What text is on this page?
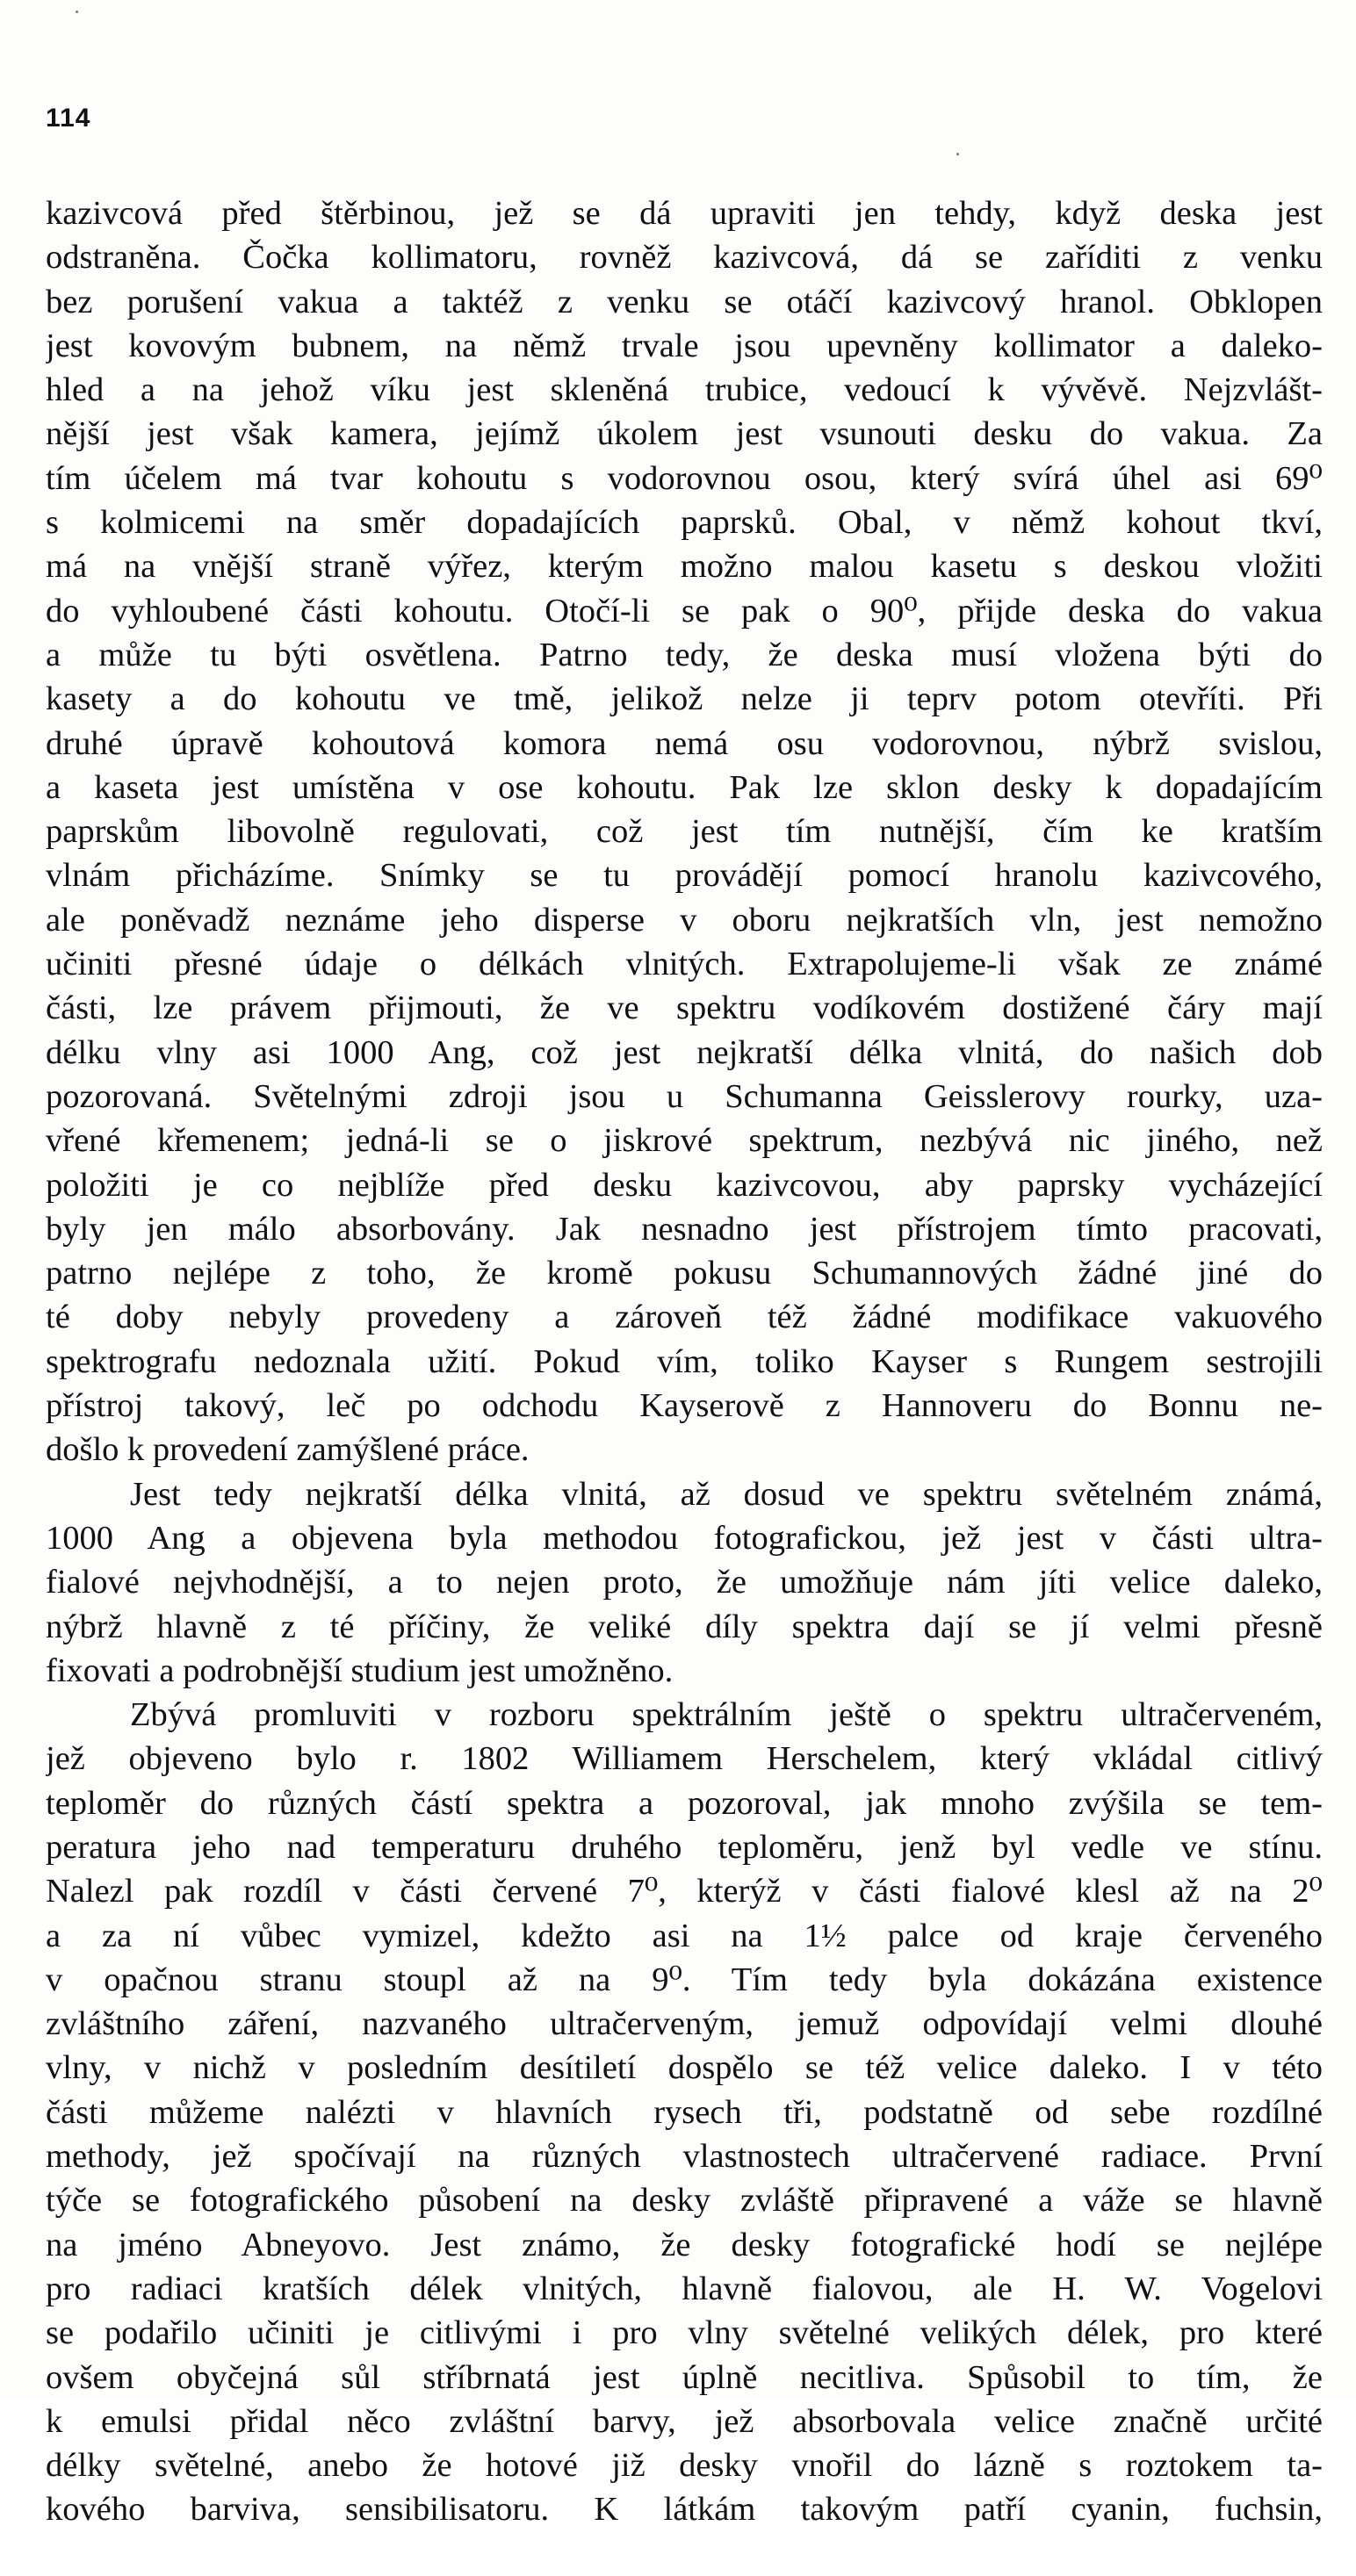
114
kazivcová před štěrbinou, jež se dá upraviti jen tehdy, když deska jest
odstraněna. Čočka kollimatoru, rovněž kazivcová, dá se zaříditi z venku
bez porušení vakua a taktéž z venku se otáčí kazivcový hranol. Obklopen
jest kovovým bubnem, na němž trvale jsou upevněny kollimator a daleko-
hled a na jehož víku jest skleněná trubice, vedoucí k vývěvě. Nejzvlášt-
nější jest však kamera, jejímž úkolem jest vsunouti desku do vakua. Za
tím účelem má tvar kohoutu s vodorovnou osou, který svírá úhel asi 69⁰
s kolmicemi na směr dopadajících paprsků. Obal, v němž kohout tkví,
má na vnější straně výřez, kterým možno malou kasetu s deskou vložiti
do vyhloubené části kohoutu. Otočí-li se pak o 90⁰, přijde deska do vakua
a může tu býti osvětlena. Patrno tedy, že deska musí vložena býti do
kasety a do kohoutu ve tmě, jelikož nelze ji teprv potom otevříti. Při
druhé úpravě kohoutová komora nemá osu vodorovnou, nýbrž svislou,
a kaseta jest umístěna v ose kohoutu. Pak lze sklon desky k dopadajícím
paprskům libovolně regulovati, což jest tím nutnější, čím ke kratším
vlnám přicházíme. Snímky se tu provádějí pomocí hranolu kazivcového,
ale poněvadž neznáme jeho disperse v oboru nejkratších vln, jest nemožno
učiniti přesné údaje o délkách vlnitých. Extrapolujeme-li však ze známé
části, lze právem přijmouti, že ve spektru vodíkovém dostižené čáry mají
délku vlny asi 1000 Ang, což jest nejkratší délka vlnitá, do našich dob
pozorovaná. Světelnými zdroji jsou u Schumanna Geisslerovy rourky, uza-
vřené křemenem; jedná-li se o jiskrové spektrum, nezbývá nic jiného, než
položiti je co nejblíže před desku kazivcovou, aby paprsky vycházející
byly jen málo absorbovány. Jak nesnadno jest přístrojem tímto pracovati,
patrno nejlépe z toho, že kromě pokusu Schumannových žádné jiné do
té doby nebyly provedeny a zároveň též žádné modifikace vakuového
spektrografu nedoznala užití. Pokud vím, toliko Kayser s Rungem sestrojili
přístroj takový, leč po odchodu Kayserově z Hannoveru do Bonnu ne-
došlo k provedení zamýšlené práce.
Jest tedy nejkratší délka vlnitá, až dosud ve spektru světelném známá,
1000 Ang a objevena byla methodou fotografickou, jež jest v části ultra-
fialové nejvhodnější, a to nejen proto, že umožňuje nám jíti velice daleko,
nýbrž hlavně z té příčiny, že veliké díly spektra dají se jí velmi přesně
fixovati a podrobnější studium jest umožněno.
Zbývá promluviti v rozboru spektrálním ještě o spektru ultračerveném,
jež objeveno bylo r. 1802 Williamem Herschelem, který vkládal citlivý
teploměr do různých částí spektra a pozoroval, jak mnoho zvýšila se tem-
peratura jeho nad temperaturu druhého teploměru, jenž byl vedle ve stínu.
Nalezl pak rozdíl v části červené 7⁰, kterýž v části fialové klesl až na 2⁰
a za ní vůbec vymizel, kdežto asi na 1½ palce od kraje červeného
v opačnou stranu stoupl až na 9⁰. Tím tedy byla dokázána existence
zvláštního záření, nazvaného ultračerveným, jemuž odpovídají velmi dlouhé
vlny, v nichž v posledním desítiletí dospělo se též velice daleko. I v této
části můžeme nalézti v hlavních rysech tři, podstatně od sebe rozdílné
methody, jež spočívají na různých vlastnostech ultračervené radiace. První
týče se fotografického působení na desky zvláště připravené a váže se hlavně
na jméno Abneyovo. Jest známo, že desky fotografické hodí se nejlépe
pro radiaci kratších délek vlnitých, hlavně fialovou, ale H. W. Vogelovi
se podařilo učiniti je citlivými i pro vlny světelné velikých délek, pro které
ovšem obyčejná sůl stříbrnatá jest úplně necitliva. Spůsobil to tím, že
k emulsi přidal něco zvláštní barvy, jež absorbovala velice značně určité
délky světelné, anebo že hotové již desky vnořil do lázně s roztokem ta-
kového barviva, sensibilisatoru. K látkám takovým patří cyanin, fuchsin,
